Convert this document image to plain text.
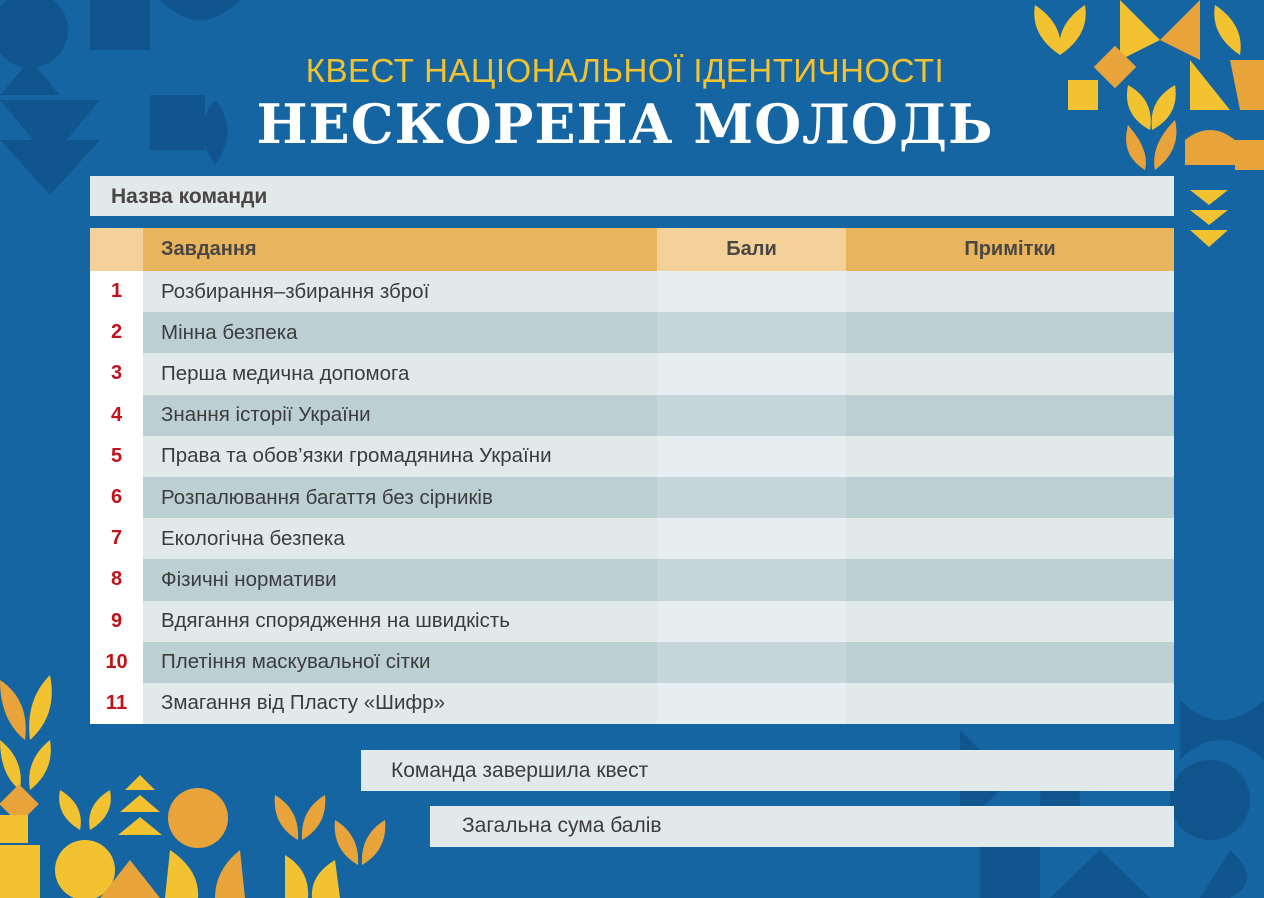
КВЕСТ НАЦІОНАЛЬНОЇ ІДЕНТИЧНОСТІ
НЕСКОРЕНА МОЛОДЬ
Назва команди
	Завдання	Бали	Примітки
1	Розбирання–збирання зброї		
2	Мінна безпека		
3	Перша медична допомога		
4	Знання історії України		
5	Права та обов’язки громадянина України		
6	Розпалювання багаття без сірників		
7	Екологічна безпека		
8	Фізичні нормативи		
9	Вдягання спорядження на швидкість		
10	Плетіння маскувальної сітки		
11	Змагання від Пласту «Шифр»		
Команда завершила квест
Загальна сума балів
